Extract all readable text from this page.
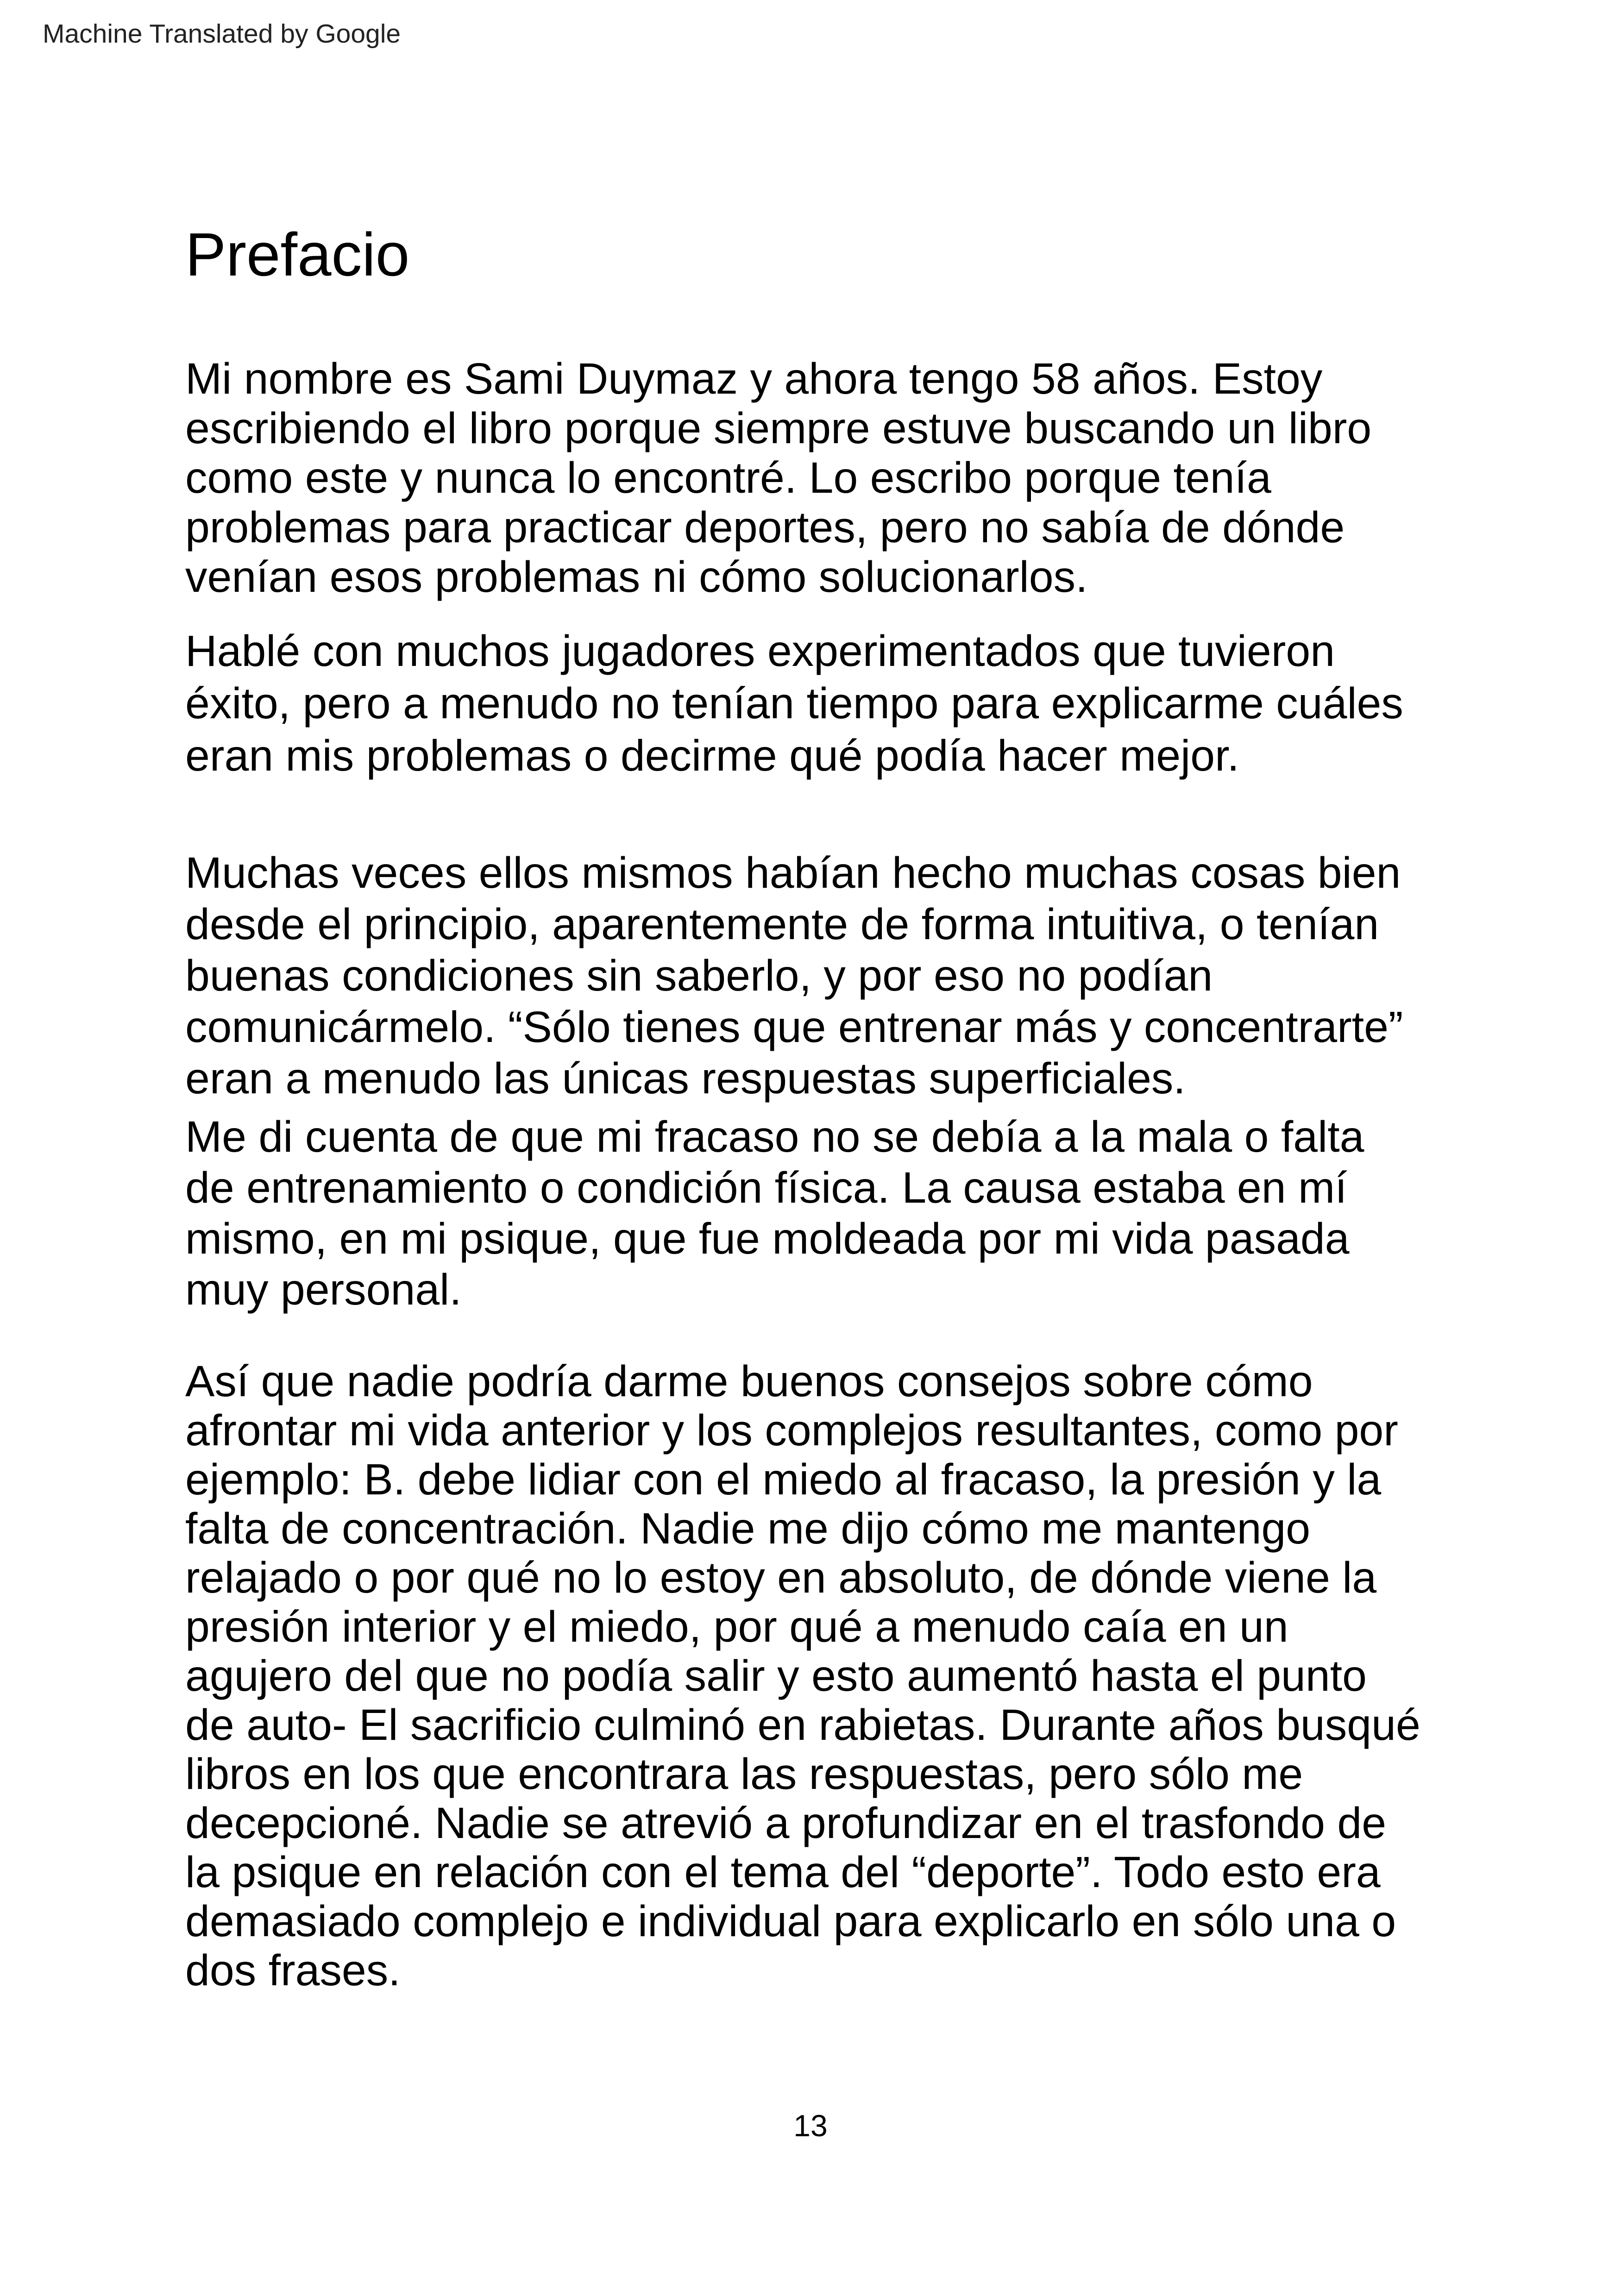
Machine Translated by Google
Prefacio

Mi nombre es Sami Duymaz y ahora tengo 58 años. Estoy
escribiendo el libro porque siempre estuve buscando un libro
como este y nunca lo encontré. Lo escribo porque tenía
problemas para practicar deportes, pero no sabía de dónde
venían esos problemas ni cómo solucionarlos.

Hablé con muchos jugadores experimentados que tuvieron
éxito, pero a menudo no tenían tiempo para explicarme cuáles
eran mis problemas o decirme qué podía hacer mejor.

Muchas veces ellos mismos habían hecho muchas cosas bien
desde el principio, aparentemente de forma intuitiva, o tenían
buenas condiciones sin saberlo, y por eso no podían
comunicármelo. “Sólo tienes que entrenar más y concentrarte”
eran a menudo las únicas respuestas superficiales.

Me di cuenta de que mi fracaso no se debía a la mala o falta
de entrenamiento o condición física. La causa estaba en mí
mismo, en mi psique, que fue moldeada por mi vida pasada
muy personal.

Así que nadie podría darme buenos consejos sobre cómo
afrontar mi vida anterior y los complejos resultantes, como por
ejemplo: B. debe lidiar con el miedo al fracaso, la presión y la
falta de concentración. Nadie me dijo cómo me mantengo
relajado o por qué no lo estoy en absoluto, de dónde viene la
presión interior y el miedo, por qué a menudo caía en un
agujero del que no podía salir y esto aumentó hasta el punto
de auto- El sacrificio culminó en rabietas. Durante años busqué
libros en los que encontrara las respuestas, pero sólo me
decepcioné. Nadie se atrevió a profundizar en el trasfondo de
la psique en relación con el tema del “deporte”. Todo esto era
demasiado complejo e individual para explicarlo en sólo una o
dos frases.

13
